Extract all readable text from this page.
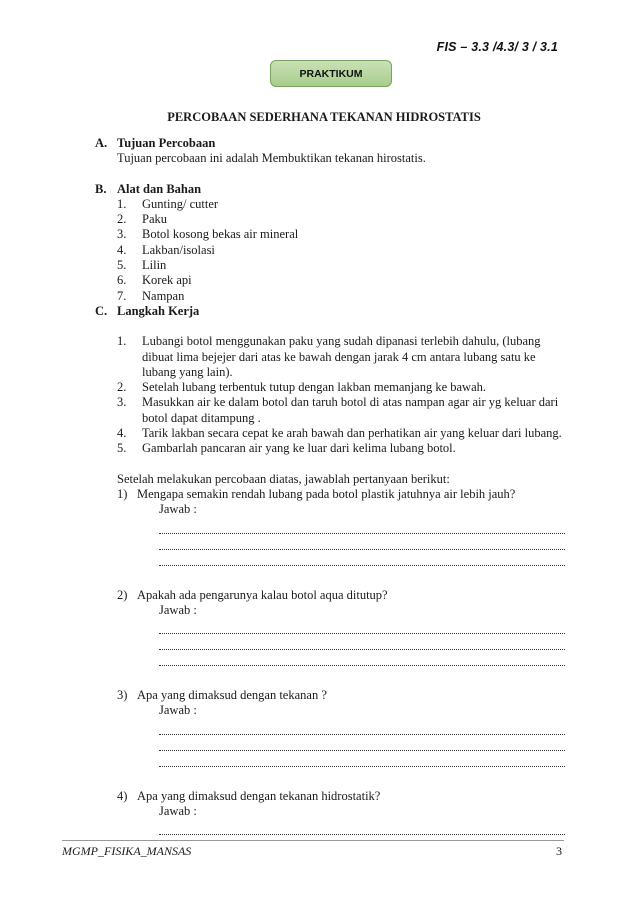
FIS – 3.3 /4.3/ 3 / 3.1
PRAKTIKUM
PERCOBAAN SEDERHANA TEKANAN HIDROSTATIS
A. Tujuan Percobaan
Tujuan percobaan ini adalah Membuktikan tekanan hirostatis.
B. Alat dan Bahan
1.	Gunting/ cutter
2.	Paku
3.	Botol kosong bekas air mineral
4.	Lakban/isolasi
5.	Lilin
6.	Korek api
7.	Nampan
C. Langkah Kerja
1.	Lubangi botol menggunakan paku yang sudah dipanasi terlebih dahulu, (lubang dibuat lima bejejer dari atas ke bawah dengan jarak 4 cm antara lubang satu ke lubang yang lain).
2.	Setelah lubang terbentuk tutup dengan lakban memanjang ke bawah.
3.	Masukkan air ke dalam botol dan taruh botol di atas nampan agar air yg keluar dari botol dapat ditampung .
4.	Tarik lakban secara cepat ke arah bawah dan perhatikan air yang keluar dari lubang.
5.	Gambarlah pancaran air yang ke luar dari kelima lubang botol.
Setelah melakukan percobaan diatas, jawablah pertanyaan berikut:
1) Mengapa semakin rendah lubang pada botol plastik jatuhnya air lebih jauh?
Jawab :
2) Apakah ada pengarunya kalau botol aqua ditutup?
Jawab :
3) Apa yang dimaksud dengan tekanan ?
Jawab :
4) Apa yang dimaksud dengan tekanan hidrostatik?
Jawab :
MGMP_FISIKA_MANSAS	3
